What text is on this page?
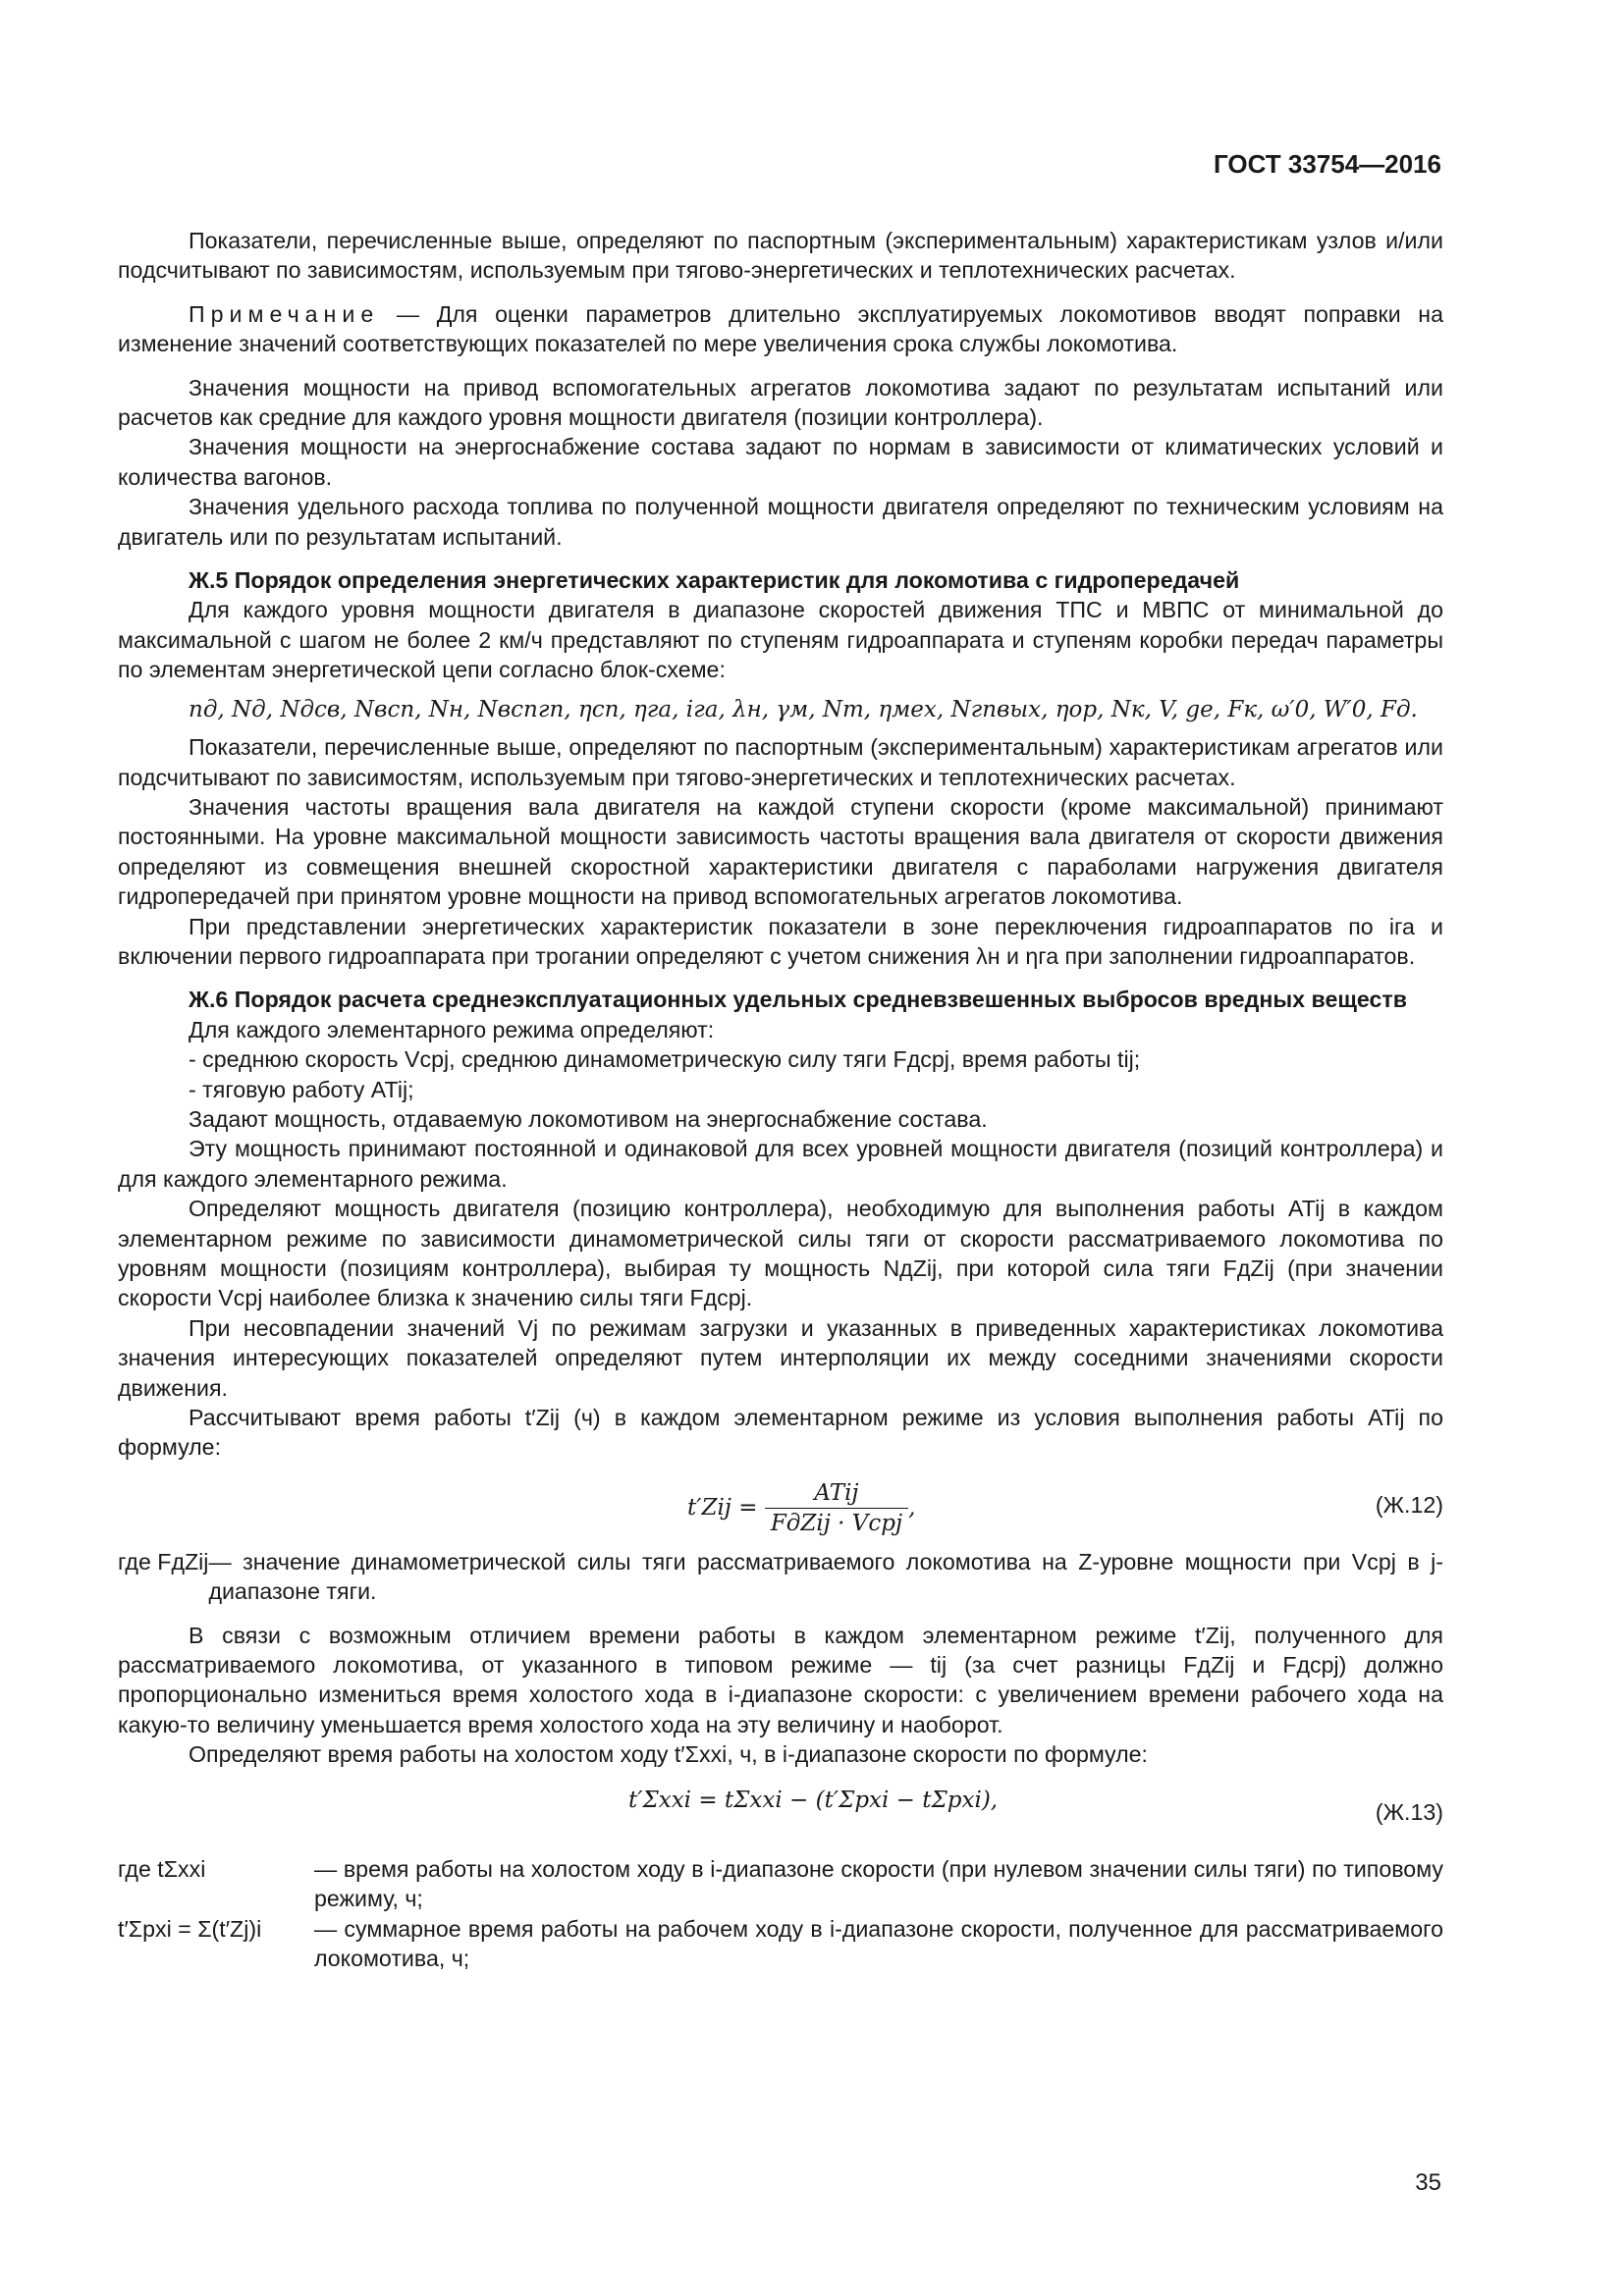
ГОСТ 33754—2016

Показатели, перечисленные выше, определяют по паспортным (экспериментальным) характеристикам узлов и/или подсчитывают по зависимостям, используемым при тягово-энергетических и теплотехнических расчетах.

Примечание — Для оценки параметров длительно эксплуатируемых локомотивов вводят поправки на изменение значений соответствующих показателей по мере увеличения срока службы локомотива.

Значения мощности на привод вспомогательных агрегатов локомотива задают по результатам испытаний или расчетов как средние для каждого уровня мощности двигателя (позиции контроллера).

Значения мощности на энергоснабжение состава задают по нормам в зависимости от климатических условий и количества вагонов.

Значения удельного расхода топлива по полученной мощности двигателя определяют по техническим условиям на двигатель или по результатам испытаний.

Ж.5 Порядок определения энергетических характеристик для локомотива с гидропередачей

Для каждого уровня мощности двигателя в диапазоне скоростей движения ТПС и МВПС от минимальной до максимальной с шагом не более 2 км/ч представляют по ступеням гидроаппарата и ступеням коробки передач параметры по элементам энергетической цепи согласно блок-схеме:

nд, Nд, Nдсв, Nвсп, Nн, Nвспгп, ηсп, ηга, iга, λн, γм, Nт, ηмех, Nгпвых, ηор, Nк, V, gе, Fк, ω′0, W′0, Fд.

Показатели, перечисленные выше, определяют по паспортным (экспериментальным) характеристикам агрегатов или подсчитывают по зависимостям, используемым при тягово-энергетических и теплотехнических расчетах.

Значения частоты вращения вала двигателя на каждой ступени скорости (кроме максимальной) принимают постоянными. На уровне максимальной мощности зависимость частоты вращения вала двигателя от скорости движения определяют из совмещения внешней скоростной характеристики двигателя с параболами нагружения двигателя гидропередачей при принятом уровне мощности на привод вспомогательных агрегатов локомотива.

При представлении энергетических характеристик показатели в зоне переключения гидроаппаратов по iга и включении первого гидроаппарата при трогании определяют с учетом снижения λн и ηга при заполнении гидроаппаратов.

Ж.6 Порядок расчета среднеэксплуатационных удельных средневзвешенных выбросов вредных веществ

Для каждого элементарного режима определяют:

- среднюю скорость Vсрj, среднюю динамометрическую силу тяги Fдсрj, время работы tij;

- тяговую работу ATij;

Задают мощность, отдаваемую локомотивом на энергоснабжение состава.

Эту мощность принимают постоянной и одинаковой для всех уровней мощности двигателя (позиций контроллера) и для каждого элементарного режима.

Определяют мощность двигателя (позицию контроллера), необходимую для выполнения работы ATij в каждом элементарном режиме по зависимости динамометрической силы тяги от скорости рассматриваемого локомотива по уровням мощности (позициям контроллера), выбирая ту мощность NдZij, при которой сила тяги FдZij (при значении скорости Vсрj наиболее близка к значению силы тяги Fдсрj.

При несовпадении значений Vj по режимам загрузки и указанных в приведенных характеристиках локомотива значения интересующих показателей определяют путем интерполяции их между соседними значениями скорости движения.

Рассчитывают время работы t′Zij (ч) в каждом элементарном режиме из условия выполнения работы ATij по формуле:

$t'Zij = \frac{\text{ATij}}{\text{FдZij · Vcpj}}$ ,	(Ж.12)
где FдZij — значение динамометрической силы тяги рассматриваемого локомотива на Z-уровне мощности при Vсрj в j-диапазоне тяги.

В связи с возможным отличием времени работы в каждом элементарном режиме t′Zij, полученного для рассматриваемого локомотива, от указанного в типовом режиме — tij (за счет разницы FдZij и Fдсрj) должно пропорционально измениться время холостого хода в i-диапазоне скорости: с увеличением времени рабочего хода на какую-то величину уменьшается время холостого хода на эту величину и наоборот.

Определяют время работы на холостом ходу t′Σxxi, ч, в i-диапазоне скорости по формуле:

t′Σxxi = tΣxxi − (t′Σpxi − tΣpxi),	(Ж.13)
где tΣxxi	— время работы на холостом ходу в i-диапазоне скорости (при нулевом значении силы тяги) по типовому режиму, ч;
t′Σpxi = Σ(t′Zj)i	— суммарное время работы на рабочем ходу в i-диапазоне скорости, полученное для рассматриваемого локомотива, ч;
35
